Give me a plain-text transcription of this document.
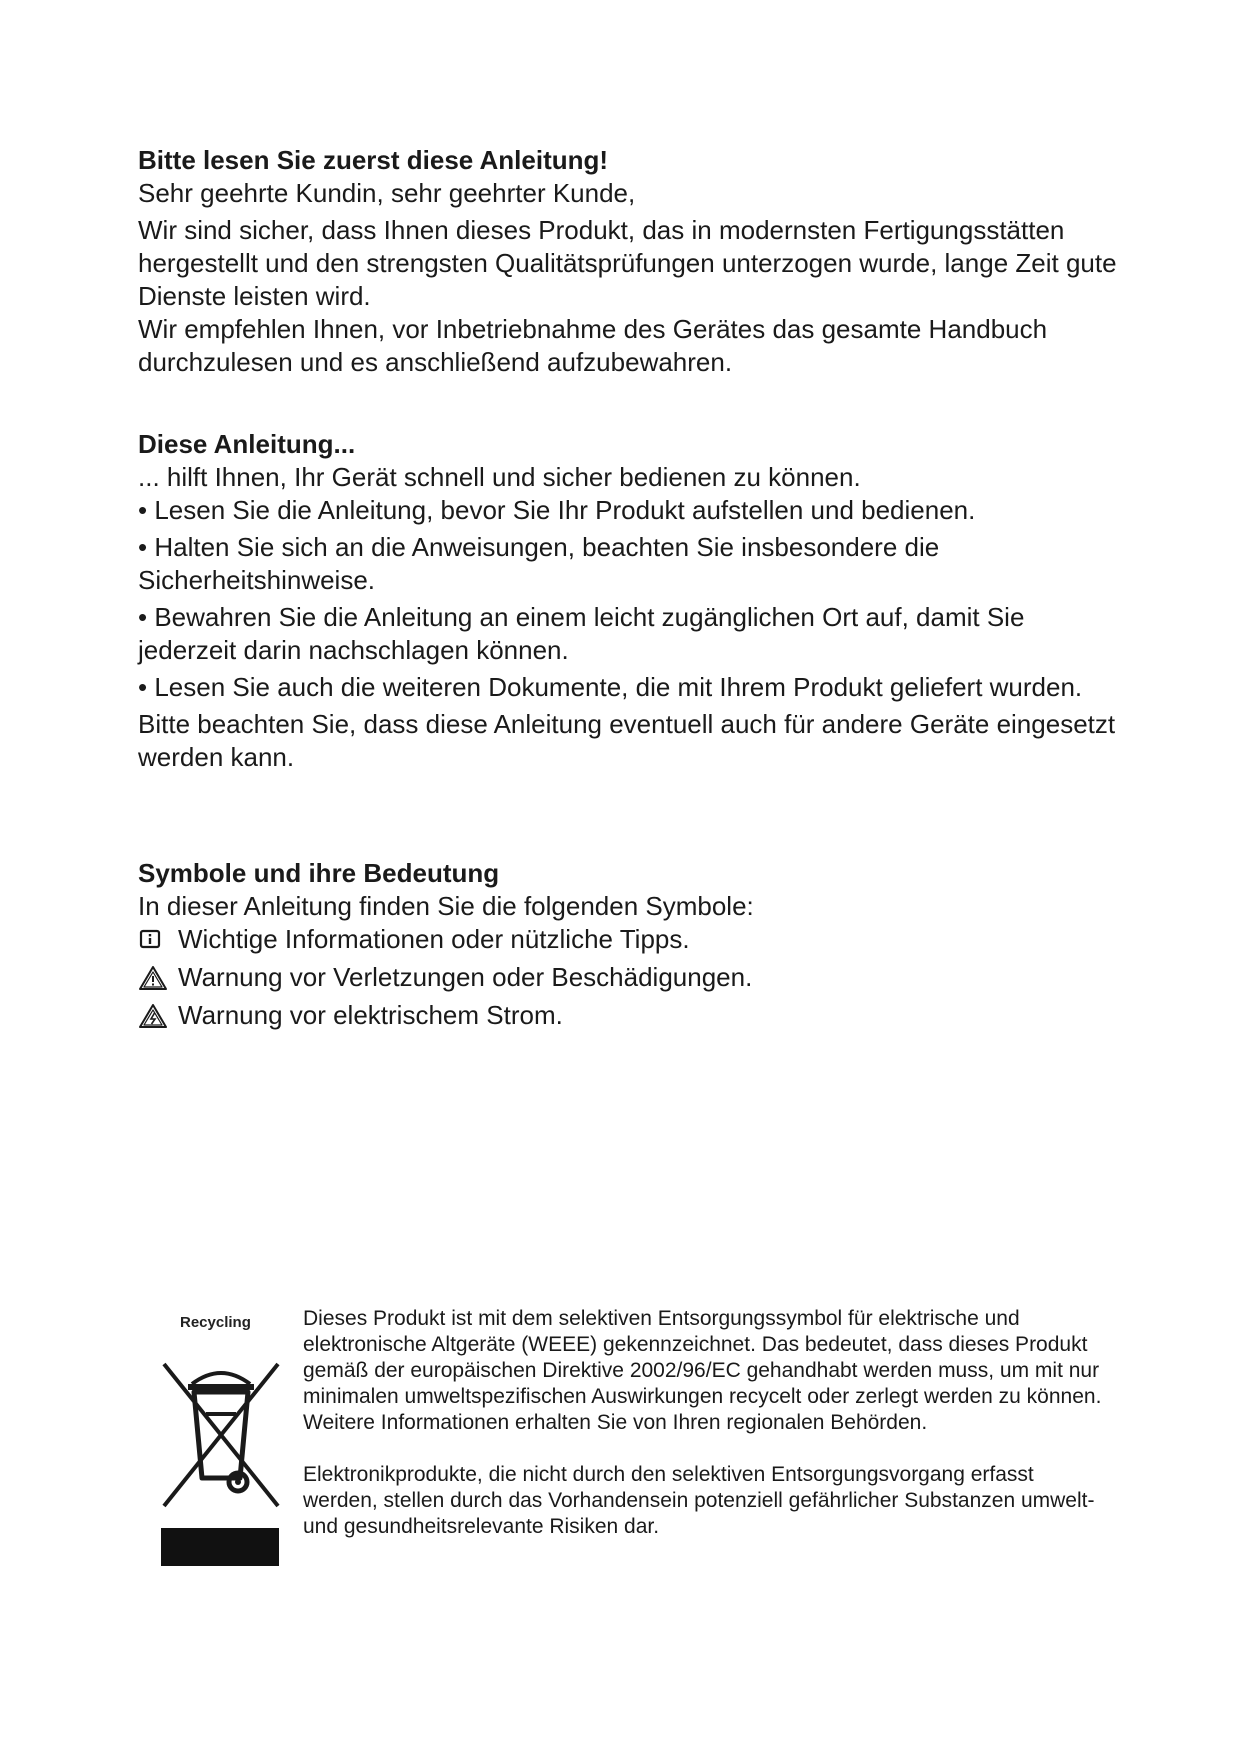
Bitte lesen Sie zuerst diese Anleitung!

Sehr geehrte Kundin, sehr geehrter Kunde,

Wir sind sicher, dass Ihnen dieses Produkt, das in modernsten Fertigungsstätten hergestellt und den strengsten Qualitätsprüfungen unterzogen wurde, lange Zeit gute Dienste leisten wird.

Wir empfehlen Ihnen, vor Inbetriebnahme des Gerätes das gesamte Handbuch durchzulesen und es anschließend aufzubewahren.

Diese Anleitung...

... hilft Ihnen, Ihr Gerät schnell und sicher bedienen zu können.

• Lesen Sie die Anleitung, bevor Sie Ihr Produkt aufstellen und bedienen.

• Halten Sie sich an die Anweisungen, beachten Sie insbesondere die Sicherheitshinweise.

• Bewahren Sie die Anleitung an einem leicht zugänglichen Ort auf, damit Sie jederzeit darin nachschlagen können.

• Lesen Sie auch die weiteren Dokumente, die mit Ihrem Produkt geliefert wurden.

Bitte beachten Sie, dass diese Anleitung eventuell auch für andere Geräte eingesetzt werden kann.

Symbole und ihre Bedeutung

In dieser Anleitung finden Sie die folgenden Symbole:

Wichtige Informationen oder nützliche Tipps.
Warnung vor Verletzungen oder Beschädigungen.
Warnung vor elektrischem Strom.
Recycling Dieses Produkt ist mit dem selektiven Entsorgungssymbol für elektrische und elektronische Altgeräte (WEEE) gekennzeichnet. Das bedeutet, dass dieses Produkt gemäß der europäischen Direktive 2002/96/EC gehandhabt werden muss, um mit nur minimalen umweltspezifischen Auswirkungen recycelt oder zerlegt werden zu können. Weitere Informationen erhalten Sie von Ihren regionalen Behörden.

Elektronikprodukte, die nicht durch den selektiven Entsorgungsvorgang erfasst werden, stellen durch das Vorhandensein potenziell gefährlicher Substanzen umwelt- und gesundheitsrelevante Risiken dar.
